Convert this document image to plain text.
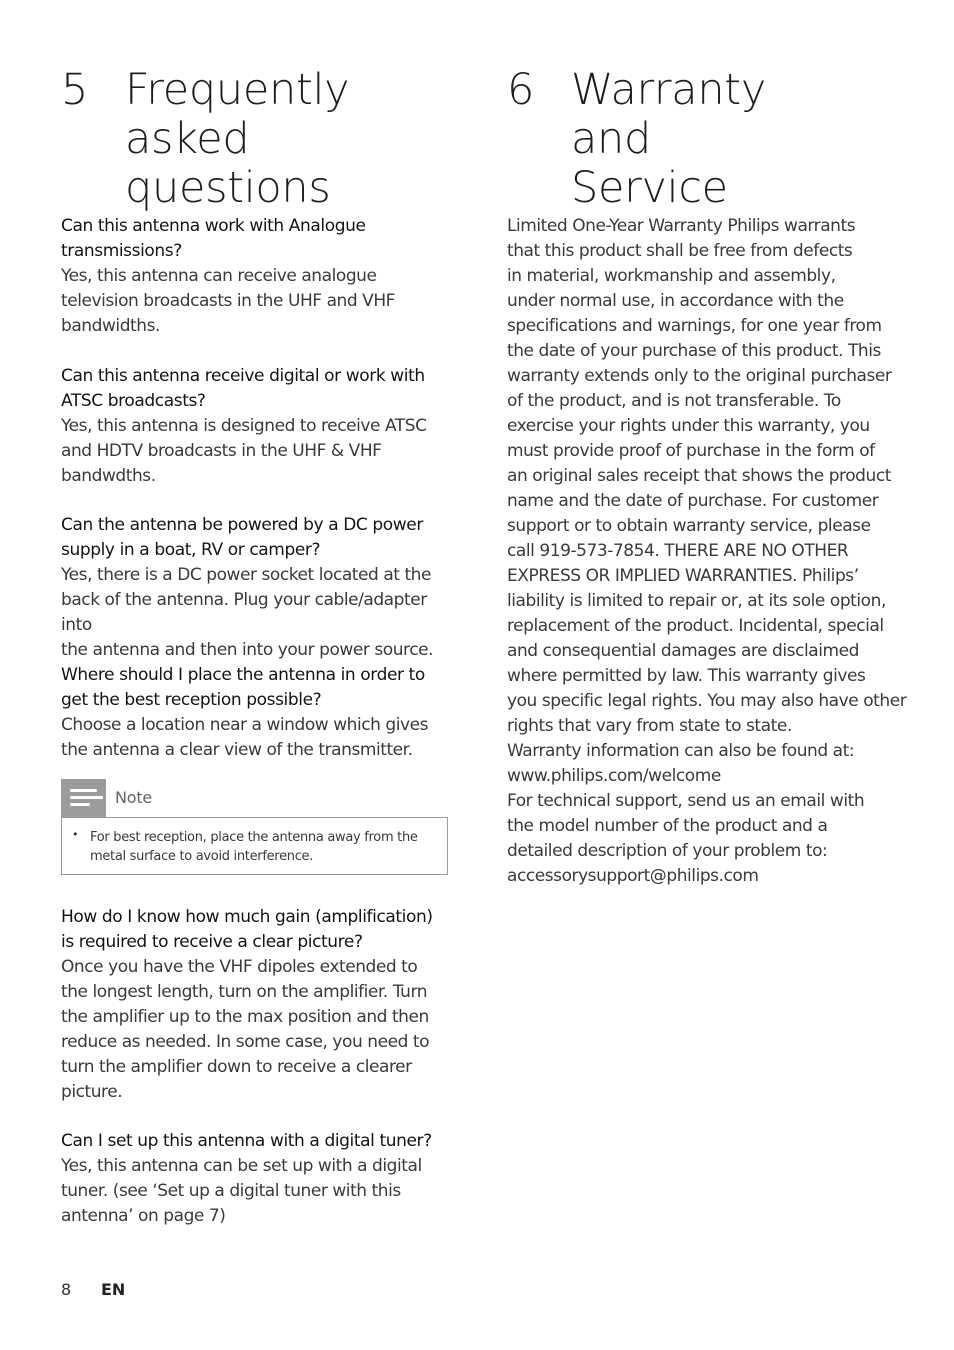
5 Frequently
asked questions

Can this antenna work with Analogue
transmissions?

Yes, this antenna can receive analogue
television broadcasts in the UHF and VHF
bandwidths.

Can this antenna receive digital or work with
ATSC broadcasts?

Yes, this antenna is designed to receive ATSC
and HDTV broadcasts in the UHF & VHF
bandwdths.

Can the antenna be powered by a DC power
supply in a boat, RV or camper?

Yes, there is a DC power socket located at the
back of the antenna. Plug your cable/adapter into
the antenna and then into your power source.

Where should I place the antenna in order to
get the best reception possible?

Choose a location near a window which gives
the antenna a clear view of the transmitter.

Note
• For best reception, place the antenna away from the
metal surface to avoid interference.

How do I know how much gain (amplification)
is required to receive a clear picture?

Once you have the VHF dipoles extended to
the longest length, turn on the amplifier. Turn
the amplifier up to the max position and then
reduce as needed. In some case, you need to
turn the amplifier down to receive a clearer
picture.

Can I set up this antenna with a digital tuner?

Yes, this antenna can be set up with a digital
tuner. (see ‘Set up a digital tuner with this
antenna’ on page 7)

6 Warranty and
Service

Limited One-Year Warranty Philips warrants
that this product shall be free from defects
in material, workmanship and assembly,
under normal use, in accordance with the
specifications and warnings, for one year from
the date of your purchase of this product. This
warranty extends only to the original purchaser
of the product, and is not transferable. To
exercise your rights under this warranty, you
must provide proof of purchase in the form of
an original sales receipt that shows the product
name and the date of purchase. For customer
support or to obtain warranty service, please
call 919-573-7854. THERE ARE NO OTHER
EXPRESS OR IMPLIED WARRANTIES. Philips’
liability is limited to repair or, at its sole option,
replacement of the product. Incidental, special
and consequential damages are disclaimed
where permitted by law. This warranty gives
you specific legal rights. You may also have other
rights that vary from state to state.
Warranty information can also be found at:
www.philips.com/welcome
For technical support, send us an email with
the model number of the product and a
detailed description of your problem to:
accessorysupport@philips.com

8 EN
